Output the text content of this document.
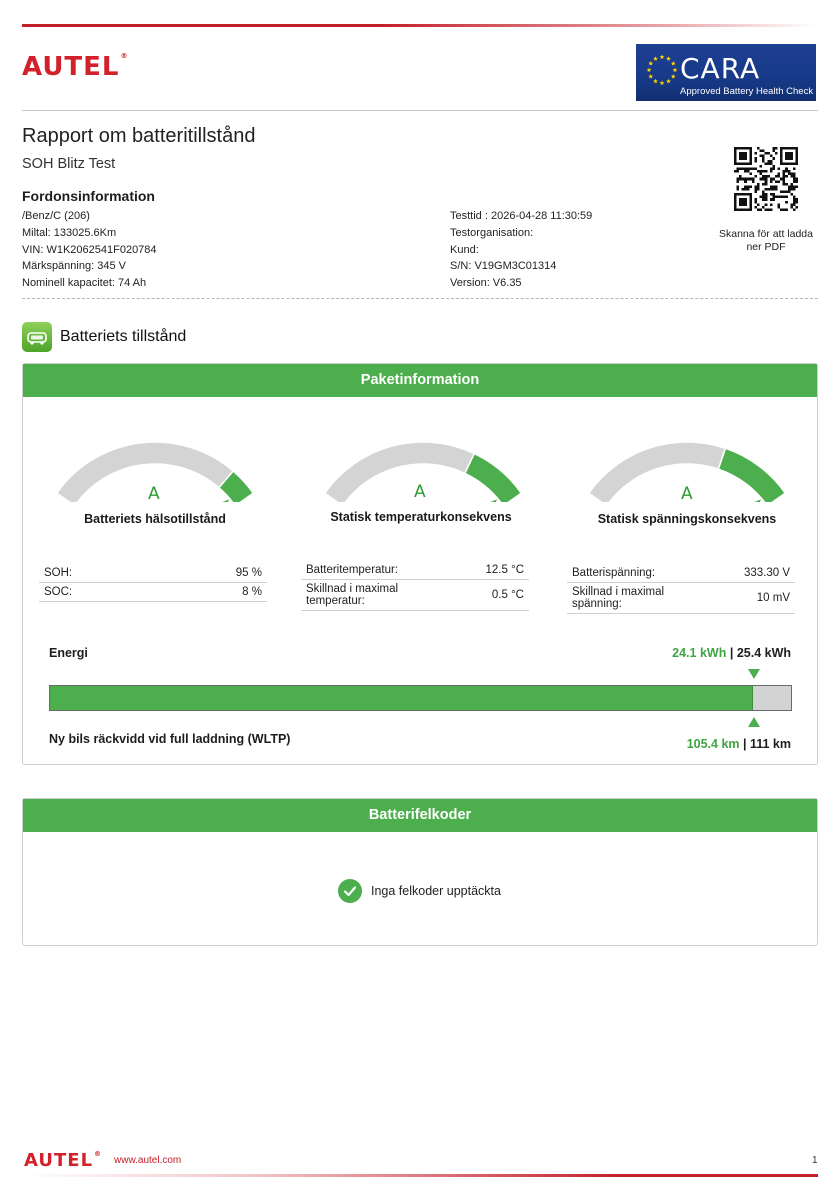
AUTEL®	CARA
Approved Battery Health Check
Rapport om batteritillstånd
SOH Blitz Test
Fordonsinformation
/Benz/C (206)
Miltal: 133025.6Km
VIN: W1K2062541F020784
Märkspänning: 345 V
Nominell kapacitet: 74 Ah
Testtid : 2026-04-28 11:30:59
Testorganisation:
Kund:
S/N: V19GM3C01314
Version: V6.35
Skanna för att ladda ner PDF
Batteriets tillstånd
Paketinformation
A
Batteriets hälsotillstånd
A
Statisk temperaturkonsekvens
A
Statisk spänningskonsekvens
SOH:	95 %
SOC:	8 %
Batteritemperatur:	12.5 °C
Skillnad i maximal temperatur:	0.5 °C
Batterispänning:	333.30 V
Skillnad i maximal spänning:	10 mV
Energi	24.1 kWh | 25.4 kWh
Ny bils räckvidd vid full laddning (WLTP)	105.4 km | 111 km
Batterifelkoder
Inga felkoder upptäckta
AUTEL®
www.autel.com	1
